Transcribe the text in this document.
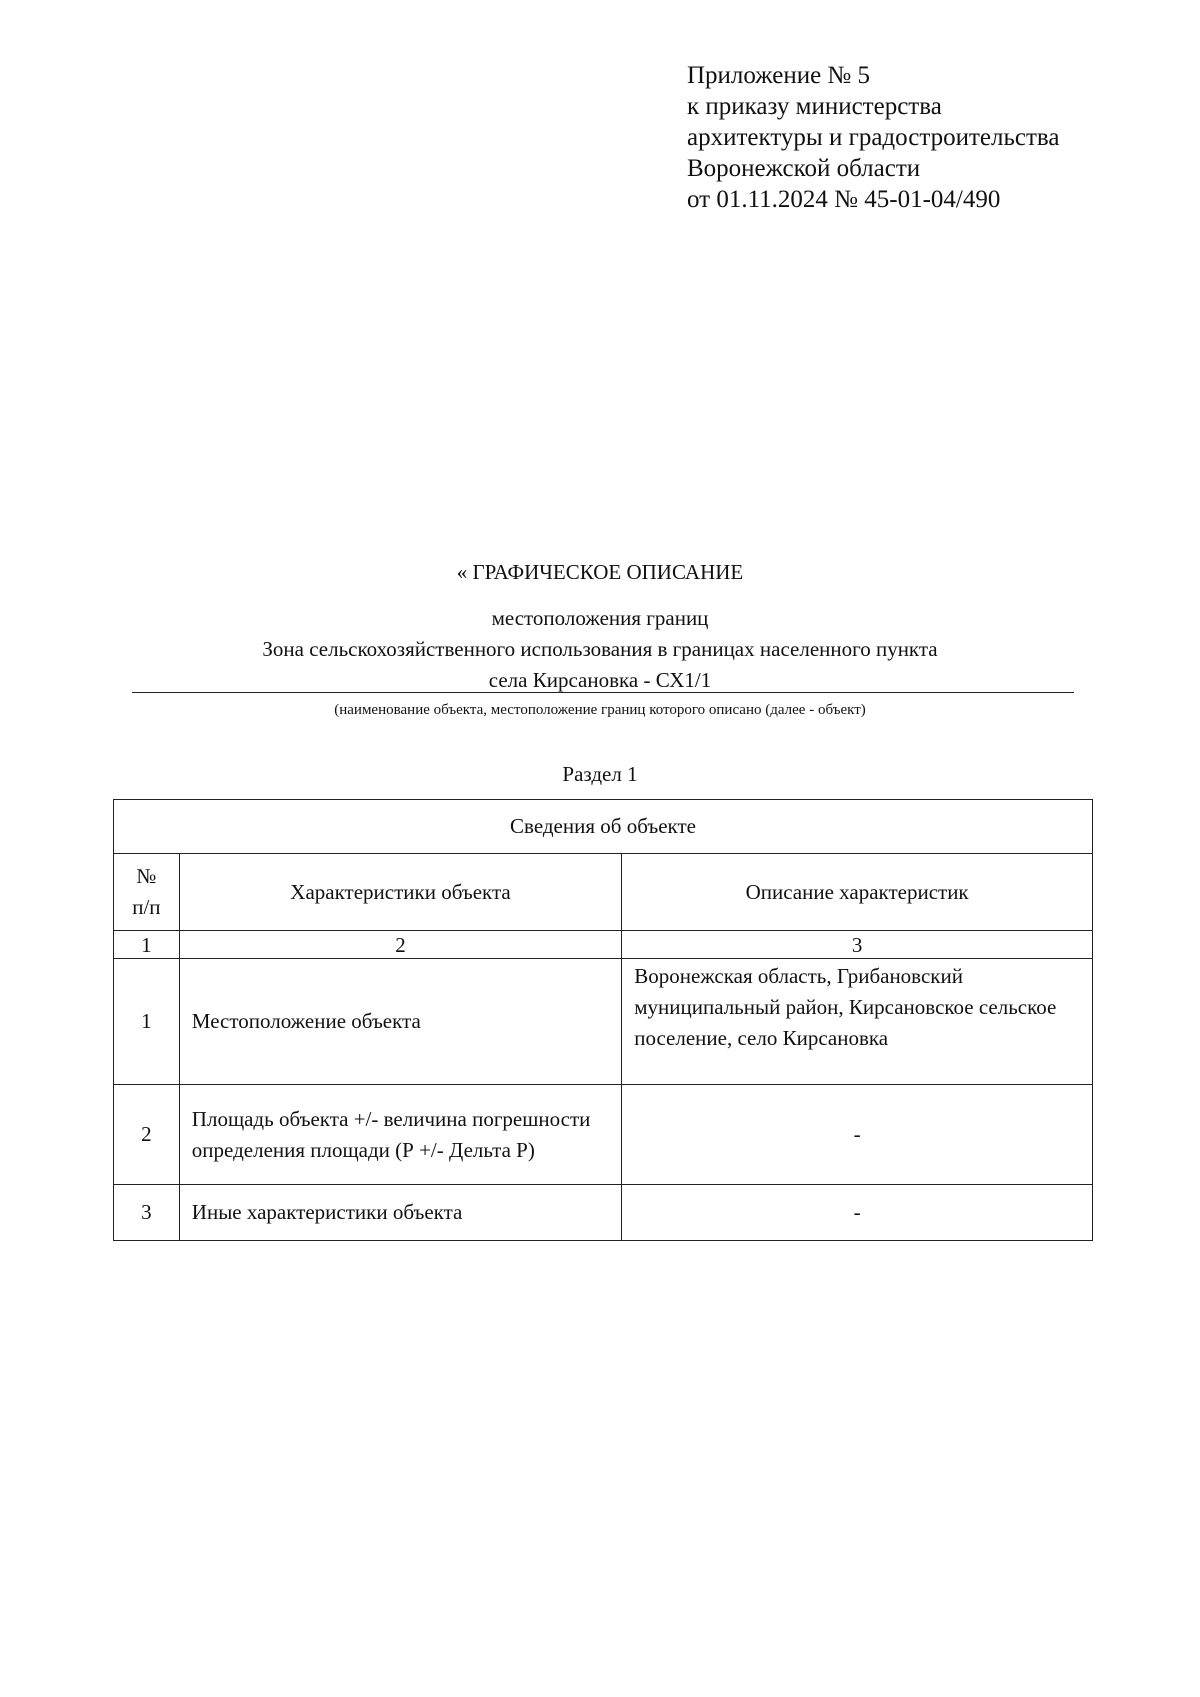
Приложение № 5
к приказу министерства
архитектуры и градостроительства
Воронежской области
от 01.11.2024 № 45-01-04/490
« ГРАФИЧЕСКОЕ ОПИСАНИЕ
местоположения границ
Зона сельскохозяйственного использования в границах населенного пункта
села Кирсановка - СХ1/1
(наименование объекта, местоположение границ которого описано (далее - объект)
Раздел 1
Сведения об объекте		
№
п/п	Характеристики объекта	Описание характеристик
1	2	3
1	Местоположение объекта	Воронежская область, Грибановский муниципальный район, Кирсановское сельское поселение, село Кирсановка
2	Площадь объекта +/- величина погрешности определения площади (Р +/- Дельта Р)	-
3	Иные характеристики объекта	-
